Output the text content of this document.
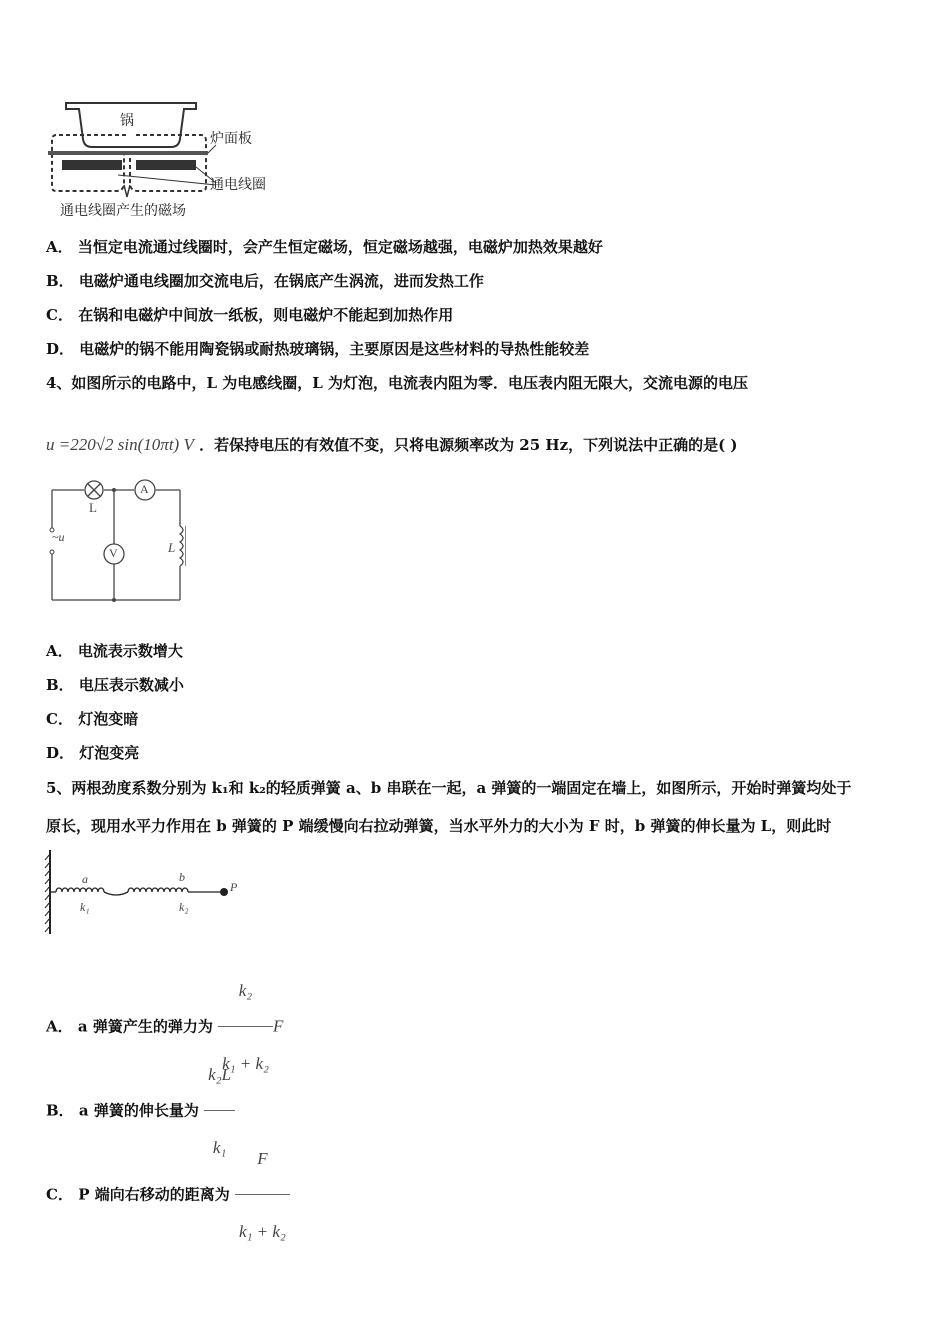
锅
炉面板
通电线圈
通电线圈产生的磁场
A． 当恒定电流通过线圈时，会产生恒定磁场，恒定磁场越强，电磁炉加热效果越好
B． 电磁炉通电线圈加交流电后，在锅底产生涡流，进而发热工作
C． 在锅和电磁炉中间放一纸板，则电磁炉不能起到加热作用
D． 电磁炉的锅不能用陶瓷锅或耐热玻璃锅，主要原因是这些材料的导热性能较差
4、如图所示的电路中，L 为电感线圈，L 为灯泡，电流表内阻为零．电压表内阻无限大，交流电源的电压
u =220√2 sin(10πt) V ．若保持电压的有效值不变，只将电源频率改为 25 Hz，下列说法中正确的是( )
L
A
V
~u
L
A． 电流表示数增大
B． 电压表示数减小
C． 灯泡变暗
D． 灯泡变亮
5、两根劲度系数分别为 k₁和 k₂的轻质弹簧 a、b 串联在一起，a 弹簧的一端固定在墙上，如图所示，开始时弹簧均处于
原长，现用水平力作用在 b 弹簧的 P 端缓慢向右拉动弹簧，当水平外力的大小为 F 时，b 弹簧的伸长量为 L，则此时
a
k₁
b
k₂
P
A． a 弹簧产生的弹力为 $\frac{\text{k₂}}{\text{k₁ + k₂}}$ F
B． a 弹簧的伸长量为 $\frac{\text{k₂L}}{\text{k₁}}$
C． P 端向右移动的距离为 $\frac{F}{\text{k₁ + k₂}}$
